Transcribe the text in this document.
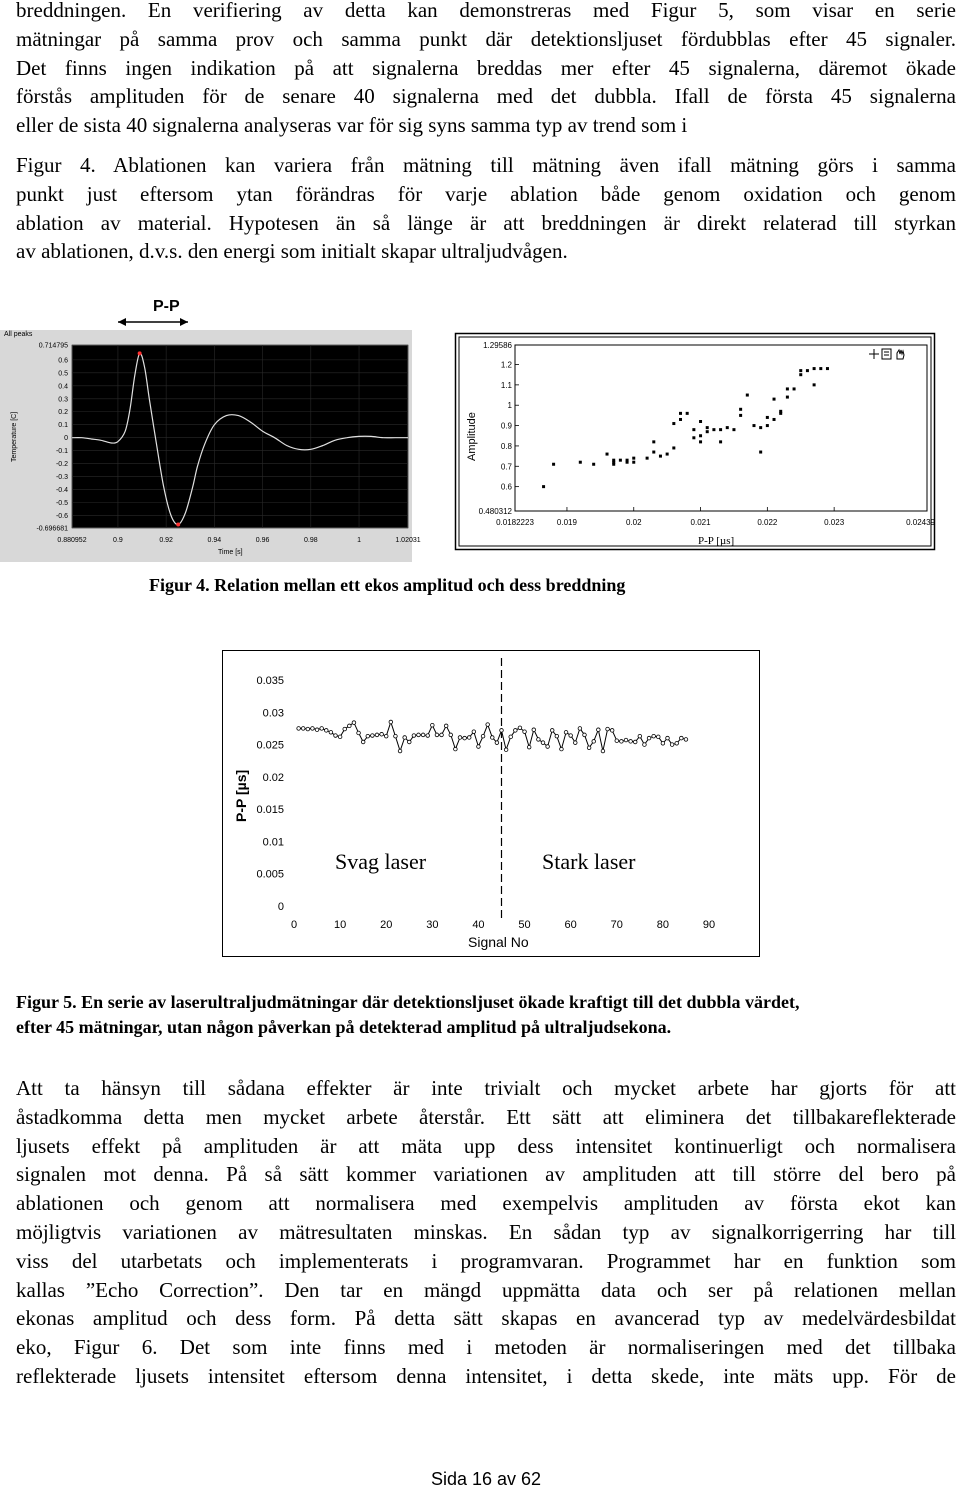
breddningen. En verifiering av detta kan demonstreras med Figur 5, som visar en serie
mätningar på samma prov och samma punkt där detektionsljuset fördubblas efter 45 signaler.
Det finns ingen indikation på att signalerna breddas mer efter 45 signalerna, däremot ökade
förstås amplituden för de senare 40 signalerna med det dubbla. Ifall de första 45 signalerna
eller de sista 40 signalerna analyseras var för sig syns samma typ av trend som i
Figur 4. Ablationen kan variera från mätning till mätning även ifall mätning görs i samma
punkt just eftersom ytan förändras för varje ablation både genom oxidation och genom
ablation av material. Hypotesen än så länge är att breddningen är direkt relaterad till styrkan
av ablationen, d.v.s. den energi som initialt skapar ultraljudvågen.
P-P
All peaks
0.714795
0.6
0.5
0.4
0.3
0.2
0.1
0
-0.1
-0.2
-0.3
-0.4
-0.5
-0.6
-0.696681
0.880952	0.9	0.92	0.94	0.96	0.98	1	1.02031
Temperature [C]
Time [s]
1.29586
1.2
1.1
1
0.9
0.8
0.7
0.6
0.480312
0.0182223	0.019	0.02	0.021	0.022	0.023	0.02439
Amplitude
P-P [µs]
Figur 4. Relation mellan ett ekos amplitud och dess breddning
0.035
0.03
0.025
0.02
0.015
0.01
0.005
0
0	10	20	30	40	50	60	70	80	90
P-P [µs]
Signal No
Svag laser	Stark laser
Figur 5. En serie av laserultraljudmätningar där detektionsljuset ökade kraftigt till det dubbla värdet,
efter 45 mätningar, utan någon påverkan på detekterad amplitud på ultraljudsekona.
Att ta hänsyn till sådana effekter är inte trivialt och mycket arbete har gjorts för att
åstadkomma detta men mycket arbete återstår. Ett sätt att eliminera det tillbakareflekterade
ljusets effekt på amplituden är att mäta upp dess intensitet kontinuerligt och normalisera
signalen mot denna. På så sätt kommer variationen av amplituden att till större del bero på
ablationen och genom att normalisera med exempelvis amplituden av första ekot kan
möjligtvis variationen av mätresultaten minskas. En sådan typ av signalkorrigerring har till
viss del utarbetats och implementerats i programvaran. Programmet har en funktion som
kallas ”Echo Correction”. Den tar en mängd uppmätta data och ser på relationen mellan
ekonas amplitud och dess form. På detta sätt skapas en avancerad typ av medelvärdesbildat
eko, Figur 6. Det som inte finns med i metoden är normaliseringen med det tillbaka
reflekterade ljusets intensitet eftersom denna intensitet, i detta skede, inte mäts upp. För de
Sida 16 av 62
